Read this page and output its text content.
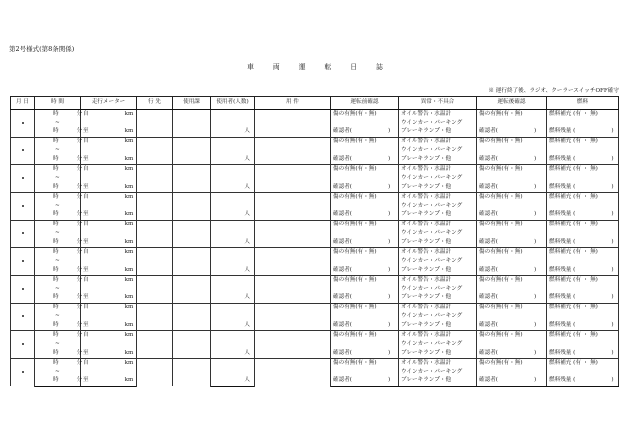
第2号様式(第8条関係)
車両運転日誌
※ 運行終了後、ラジオ、クーラースイッチOFF確守
月 日	時 間	走行メーター	行 先	使用課	使用者(人数)	用 件	運転前確認	異常・不具合	運転後確認	燃料
	時 分	自 km					傷の有無(有・無)	オイル警告・水温計	傷の有無(有・無)	燃料補充 (有 ・ 無)
	~							ウインカー・パーキング		
	時 分	至 km			人		確認者( )	ブレーキランプ・他	確認者( )	燃料残量 ( )
	時 分	自 km					傷の有無(有・無)	オイル警告・水温計	傷の有無(有・無)	燃料補充 (有 ・ 無)
	~							ウインカー・パーキング		
	時 分	至 km			人		確認者( )	ブレーキランプ・他	確認者( )	燃料残量 ( )
	時 分	自 km					傷の有無(有・無)	オイル警告・水温計	傷の有無(有・無)	燃料補充 (有 ・ 無)
	~							ウインカー・パーキング		
	時 分	至 km			人		確認者( )	ブレーキランプ・他	確認者( )	燃料残量 ( )
	時 分	自 km					傷の有無(有・無)	オイル警告・水温計	傷の有無(有・無)	燃料補充 (有 ・ 無)
	~							ウインカー・パーキング		
	時 分	至 km			人		確認者( )	ブレーキランプ・他	確認者( )	燃料残量 ( )
	時 分	自 km					傷の有無(有・無)	オイル警告・水温計	傷の有無(有・無)	燃料補充 (有 ・ 無)
	~							ウインカー・パーキング		
	時 分	至 km			人		確認者( )	ブレーキランプ・他	確認者( )	燃料残量 ( )
	時 分	自 km					傷の有無(有・無)	オイル警告・水温計	傷の有無(有・無)	燃料補充 (有 ・ 無)
	~							ウインカー・パーキング		
	時 分	至 km			人		確認者( )	ブレーキランプ・他	確認者( )	燃料残量 ( )
	時 分	自 km					傷の有無(有・無)	オイル警告・水温計	傷の有無(有・無)	燃料補充 (有 ・ 無)
	~							ウインカー・パーキング		
	時 分	至 km			人		確認者( )	ブレーキランプ・他	確認者( )	燃料残量 ( )
	時 分	自 km					傷の有無(有・無)	オイル警告・水温計	傷の有無(有・無)	燃料補充 (有 ・ 無)
	~							ウインカー・パーキング		
	時 分	至 km			人		確認者( )	ブレーキランプ・他	確認者( )	燃料残量 ( )
	時 分	自 km					傷の有無(有・無)	オイル警告・水温計	傷の有無(有・無)	燃料補充 (有 ・ 無)
	~							ウインカー・パーキング		
	時 分	至 km			人		確認者( )	ブレーキランプ・他	確認者( )	燃料残量 ( )
	時 分	自 km					傷の有無(有・無)	オイル警告・水温計	傷の有無(有・無)	燃料補充 (有 ・ 無)
	~							ウインカー・パーキング		
	時 分	至 km			人		確認者( )	ブレーキランプ・他	確認者( )	燃料残量 ( )
